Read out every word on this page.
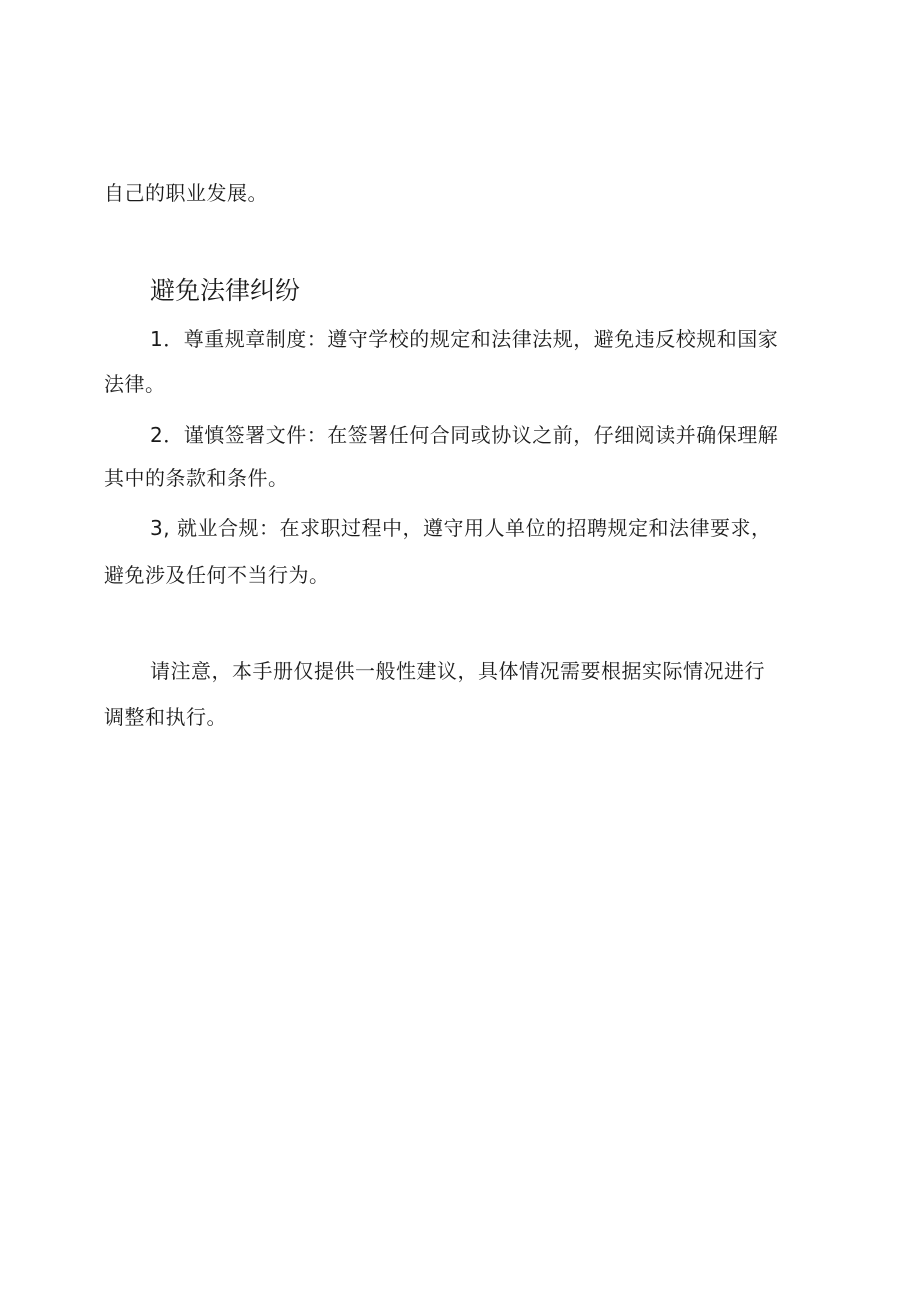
自己的职业发展。
避免法律纠纷
1．尊重规章制度：遵守学校的规定和法律法规，避免违反校规和国家
法律。
2．谨慎签署文件：在签署任何合同或协议之前，仔细阅读并确保理解
其中的条款和条件。
3, 就业合规：在求职过程中，遵守用人单位的招聘规定和法律要求，
避免涉及任何不当行为。
请注意，本手册仅提供一般性建议，具体情况需要根据实际情况进行
调整和执行。
